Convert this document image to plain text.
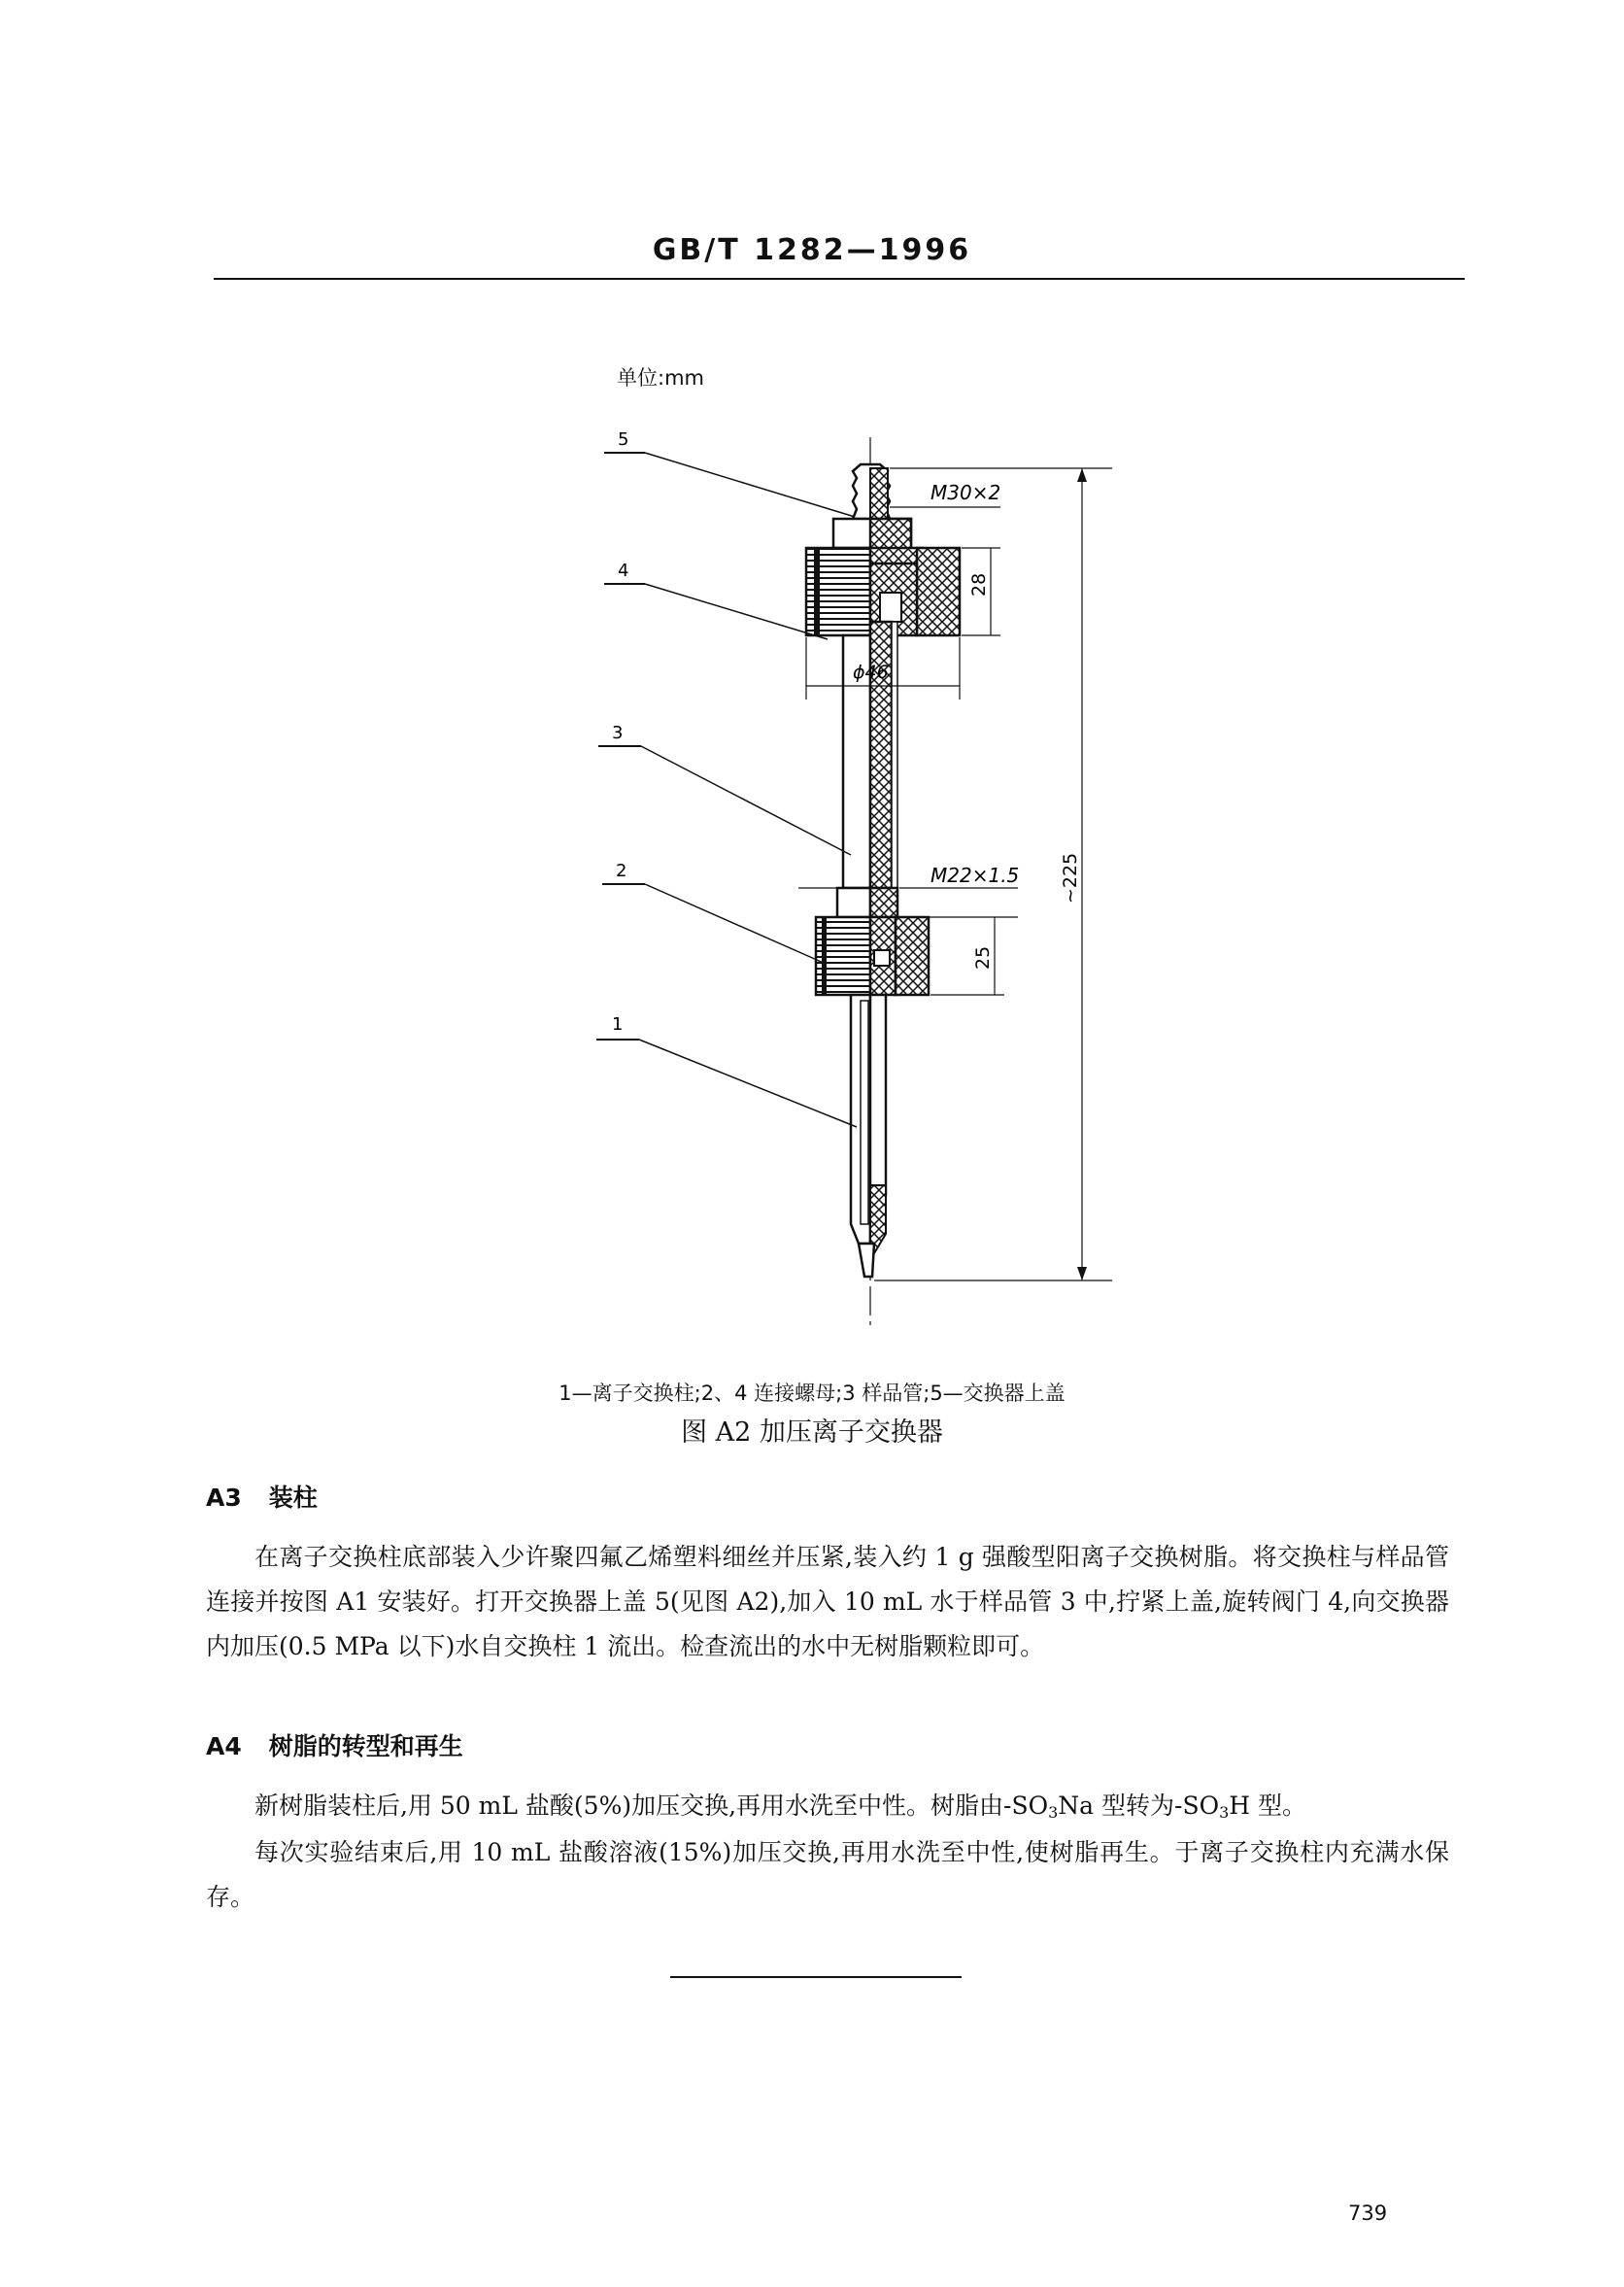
GB/T 1282—1996
单位:mm
M30×2
28
ϕ46
M22×1.5
25
~225
5
4
3
2
1
1—离子交换柱;2、4 连接螺母;3 样品管;5—交换器上盖
图 A2 加压离子交换器
A3 装柱
在离子交换柱底部装入少许聚四氟乙烯塑料细丝并压紧,装入约 1 g 强酸型阳离子交换树脂。将交换柱与样品管连接并按图 A1 安装好。打开交换器上盖 5(见图 A2),加入 10 mL 水于样品管 3 中,拧紧上盖,旋转阀门 4,向交换器内加压(0.5 MPa 以下)水自交换柱 1 流出。检查流出的水中无树脂颗粒即可。
A4 树脂的转型和再生
新树脂装柱后,用 50 mL 盐酸(5%)加压交换,再用水洗至中性。树脂由$-SO_3Na$ 型转为$-SO_3H$ 型。
每次实验结束后,用 10 mL 盐酸溶液(15%)加压交换,再用水洗至中性,使树脂再生。于离子交换柱内充满水保存。
739
